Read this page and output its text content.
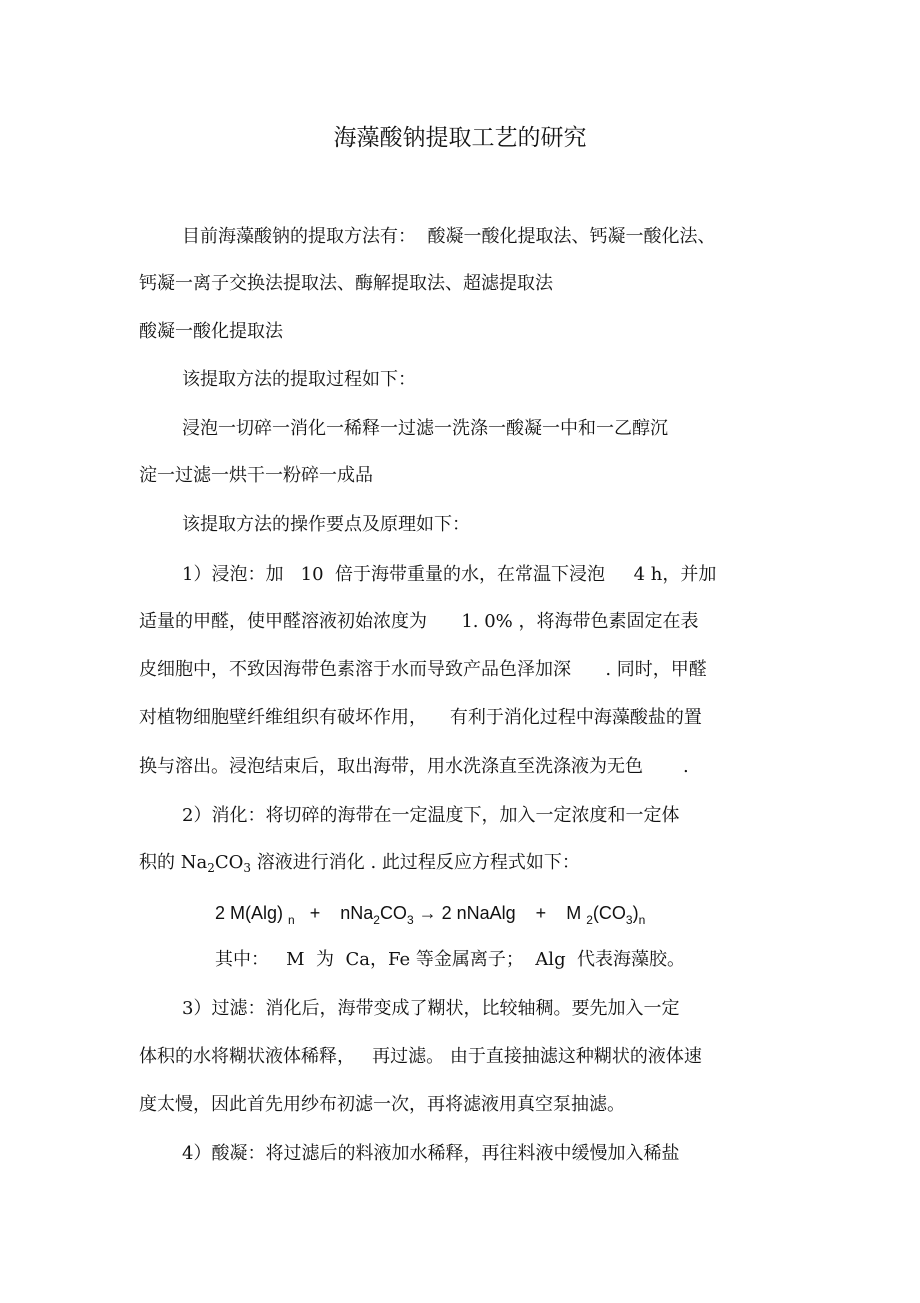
海藻酸钠提取工艺的研究
目前海藻酸钠的提取方法有：  酸凝一酸化提取法、钙凝一酸化法、
钙凝一离子交换法提取法、酶解提取法、超滤提取法
酸凝一酸化提取法
该提取方法的提取过程如下：
浸泡一切碎一消化一稀释一过滤一洗涤一酸凝一中和一乙醇沉
淀一过滤一烘干一粉碎一成品
该提取方法的操作要点及原理如下：
1）浸泡：加   10  倍于海带重量的水，在常温下浸泡     4 h，并加
适量的甲醛，使甲醛溶液初始浓度为      1. 0% ，将海带色素固定在表
皮细胞中，不致因海带色素溶于水而导致产品色泽加深      . 同时，甲醛
对植物细胞壁纤维组织有破坏作用，    有利于消化过程中海藻酸盐的置
换与溶出。浸泡结束后，取出海带，用水洗涤直至洗涤液为无色       .
2）消化：将切碎的海带在一定温度下，加入一定浓度和一定体
积的 $Na_2CO_3$ 溶液进行消化 . 此过程反应方程式如下：
2 M(Alg) $_n$   +    $nNa_2CO_3 \to 2$ nNaAlg    +    M $_2(CO_3)_n$
其中：   M  为  Ca，Fe 等金属离子；  Alg  代表海藻胶。
3）过滤：消化后，海带变成了糊状，比较轴稠。要先加入一定
体积的水将糊状液体稀释，   再过滤。 由于直接抽滤这种糊状的液体速
度太慢，因此首先用纱布初滤一次，再将滤液用真空泵抽滤。
4）酸凝：将过滤后的料液加水稀释，再往料液中缓慢加入稀盐
